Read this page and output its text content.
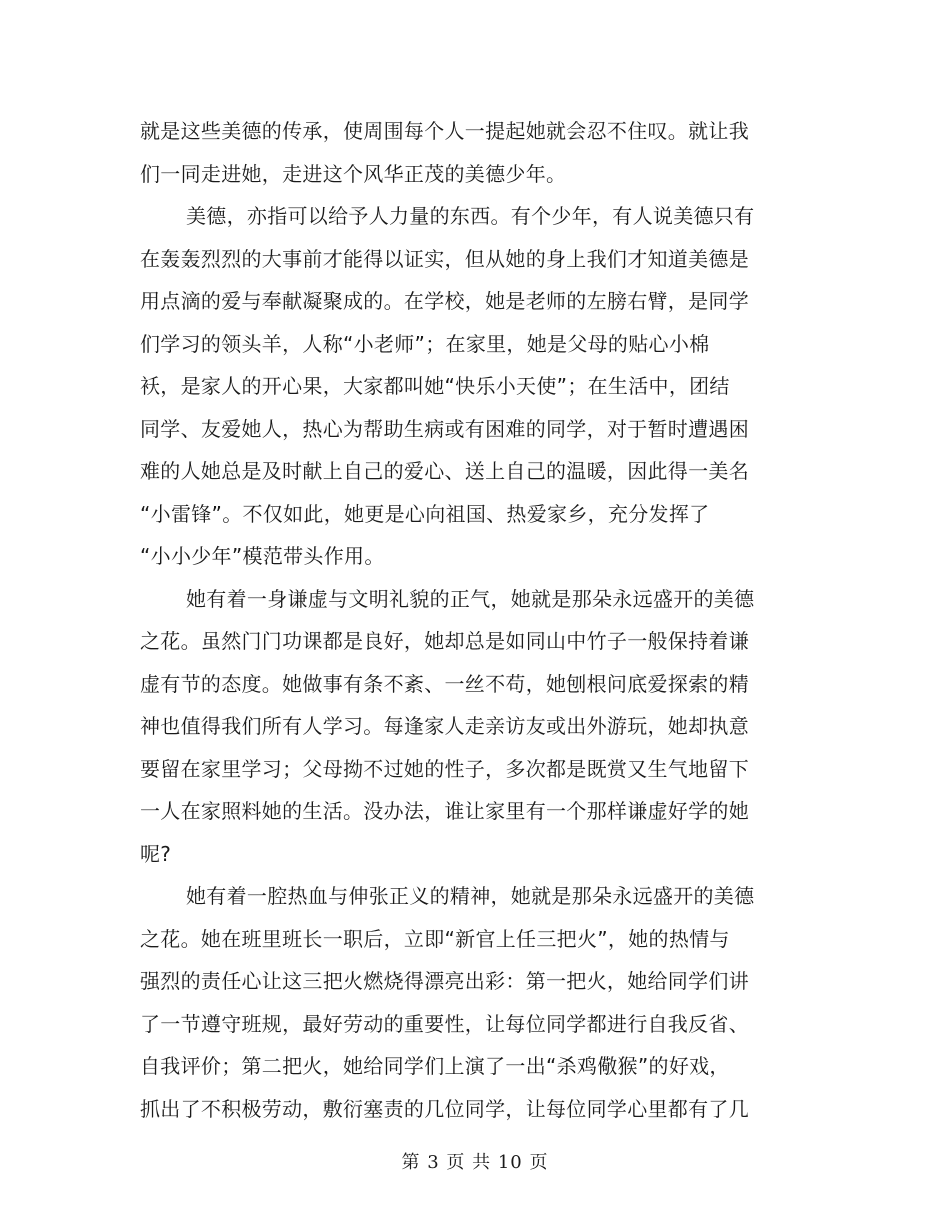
就是这些美德的传承，使周围每个人一提起她就会忍不住叹。就让我
们一同走进她，走进这个风华正茂的美德少年。
美德，亦指可以给予人力量的东西。有个少年，有人说美德只有
在轰轰烈烈的大事前才能得以证实，但从她的身上我们才知道美德是
用点滴的爱与奉献凝聚成的。在学校，她是老师的左膀右臂，是同学
们学习的领头羊，人称“小老师”；在家里，她是父母的贴心小棉
袄，是家人的开心果，大家都叫她“快乐小天使”；在生活中，团结
同学、友爱她人，热心为帮助生病或有困难的同学，对于暂时遭遇困
难的人她总是及时献上自己的爱心、送上自己的温暖，因此得一美名
“小雷锋”。不仅如此，她更是心向祖国、热爱家乡，充分发挥了
“小小少年”模范带头作用。
她有着一身谦虚与文明礼貌的正气，她就是那朵永远盛开的美德
之花。虽然门门功课都是良好，她却总是如同山中竹子一般保持着谦
虚有节的态度。她做事有条不紊、一丝不苟，她刨根问底爱探索的精
神也值得我们所有人学习。每逢家人走亲访友或出外游玩，她却执意
要留在家里学习；父母拗不过她的性子，多次都是既赏又生气地留下
一人在家照料她的生活。没办法，谁让家里有一个那样谦虚好学的她
呢?
她有着一腔热血与伸张正义的精神，她就是那朵永远盛开的美德
之花。她在班里班长一职后，立即“新官上任三把火”，她的热情与
强烈的责任心让这三把火燃烧得漂亮出彩：第一把火，她给同学们讲
了一节遵守班规，最好劳动的重要性，让每位同学都进行自我反省、
自我评价；第二把火，她给同学们上演了一出“杀鸡儆猴”的好戏，
抓出了不积极劳动，敷衍塞责的几位同学，让每位同学心里都有了几
第 3 页 共 10 页
